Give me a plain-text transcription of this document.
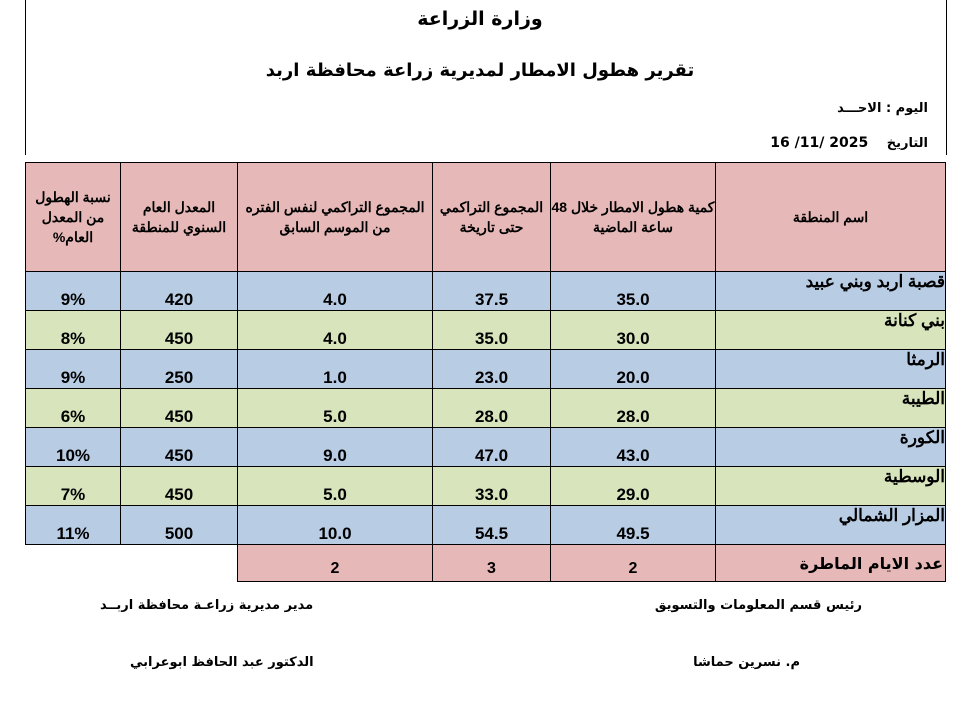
وزارة الزراعة
تقرير هطول الامطار لمديرية زراعة محافظة اربد
اليوم : الاحـــد
التاريخ 2025 /11/ 16
نسبة الهطول من المعدل العام%	المعدل العام السنوي للمنطقة	المجموع التراكمي لنفس الفتره من الموسم السابق	المجموع التراكمي حتى تاريخة	كمية هطول الامطار خلال 48 ساعة الماضية	اسم المنطقة
9%	420	4.0	37.5	35.0	قصبة اربد وبني عبيد
8%	450	4.0	35.0	30.0	بني كنانة
9%	250	1.0	23.0	20.0	الرمثا
6%	450	5.0	28.0	28.0	الطيبة
10%	450	9.0	47.0	43.0	الكورة
7%	450	5.0	33.0	29.0	الوسطية
11%	500	10.0	54.5	49.5	المزار الشمالي
		2	3	2	عدد الايام الماطرة
مدير مديرية زراعـة محافظة اربــد	رئيس قسم المعلومات والتسويق
الدكتور عبد الحافظ ابوعرابي	م. نسرين حماشا
